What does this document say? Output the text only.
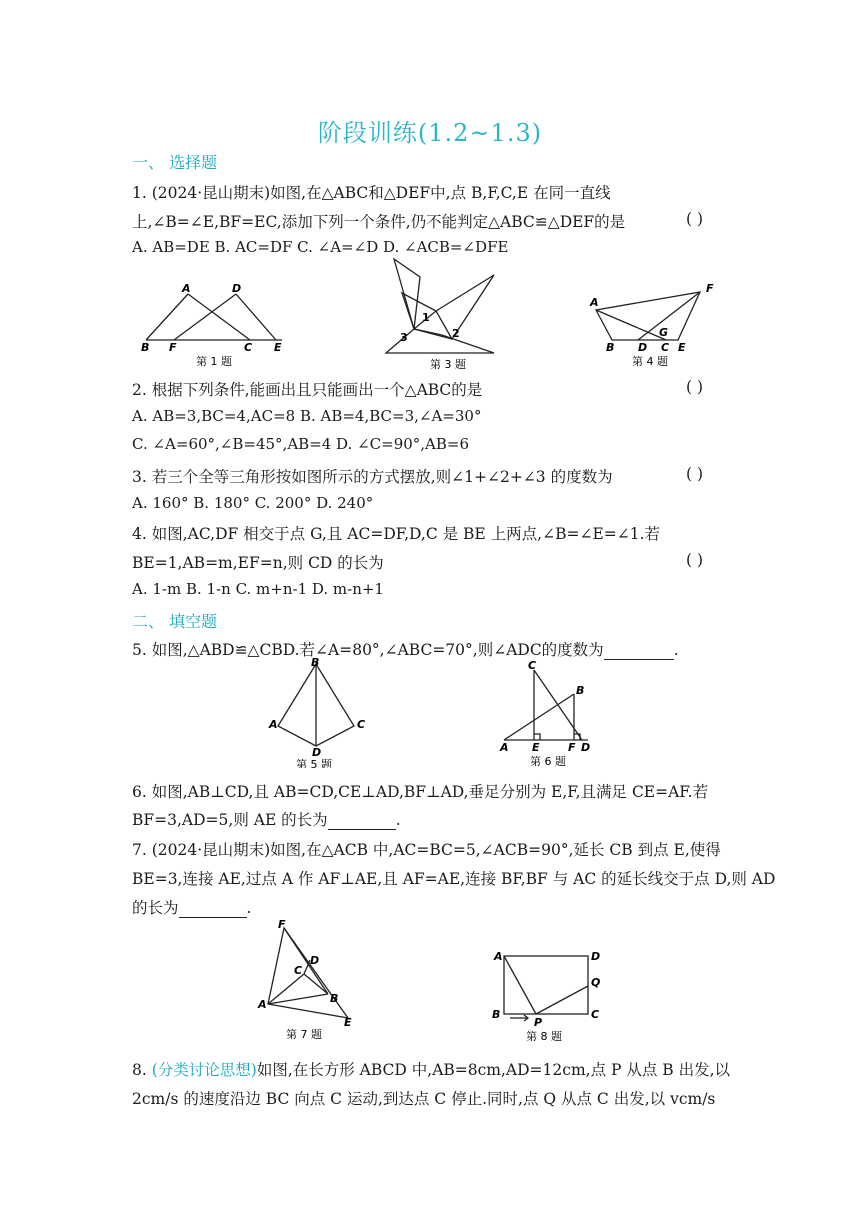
阶段训练(1.2~1.3)
一、 选择题
1. (2024·昆山期末)如图,在△ABC和△DEF中,点 B,F,C,E 在同一直线
上,∠B=∠E,BF=EC,添加下列一个条件,仍不能判定△ABC≌△DEF的是	( )
A. AB=DE B. AC=DF C. ∠A=∠D D. ∠ACB=∠DFE
A	D
B F	C E
第 1 题
1
2
3
第 3 题
A
F
B D C E
G
第 4 题
2. 根据下列条件,能画出且只能画出一个△ABC的是	( )
A. AB=3,BC=4,AC=8 B. AB=4,BC=3,∠A=30°
C. ∠A=60°,∠B=45°,AB=4 D. ∠C=90°,AB=6
3. 若三个全等三角形按如图所示的方式摆放,则∠1+∠2+∠3 的度数为	( )
A. 160° B. 180° C. 200° D. 240°
4. 如图,AC,DF 相交于点 G,且 AC=DF,D,C 是 BE 上两点,∠B=∠E=∠1.若
BE=1,AB=m,EF=n,则 CD 的长为	( )
A. 1-m B. 1-n C. m+n-1 D. m-n+1
二、 填空题
5. 如图,△ABD≌△CBD.若∠A=80°,∠ABC=70°,则∠ADC的度数为	.
B
A	C
D
第 5 题
C
B
A E	F D
第 6 题
6. 如图,AB⊥CD,且 AB=CD,CE⊥AD,BF⊥AD,垂足分别为 E,F,且满足 CE=AF.若
BF=3,AD=5,则 AE 的长为	.
7. (2024·昆山期末)如图,在△ACB 中,AC=BC=5,∠ACB=90°,延长 CB 到点 E,使得
BE=3,连接 AE,过点 A 作 AF⊥AE,且 AF=AE,连接 BF,BF 与 AC 的延长线交于点 D,则 AD
的长为	.
F
C
D
B
A
E
第 7 题
A	D
Q
B
P
C
第 8 题
8. (分类讨论思想)如图,在长方形 ABCD 中,AB=8cm,AD=12cm,点 P 从点 B 出发,以
2cm/s 的速度沿边 BC 向点 C 运动,到达点 C 停止.同时,点 Q 从点 C 出发,以 vcm/s
